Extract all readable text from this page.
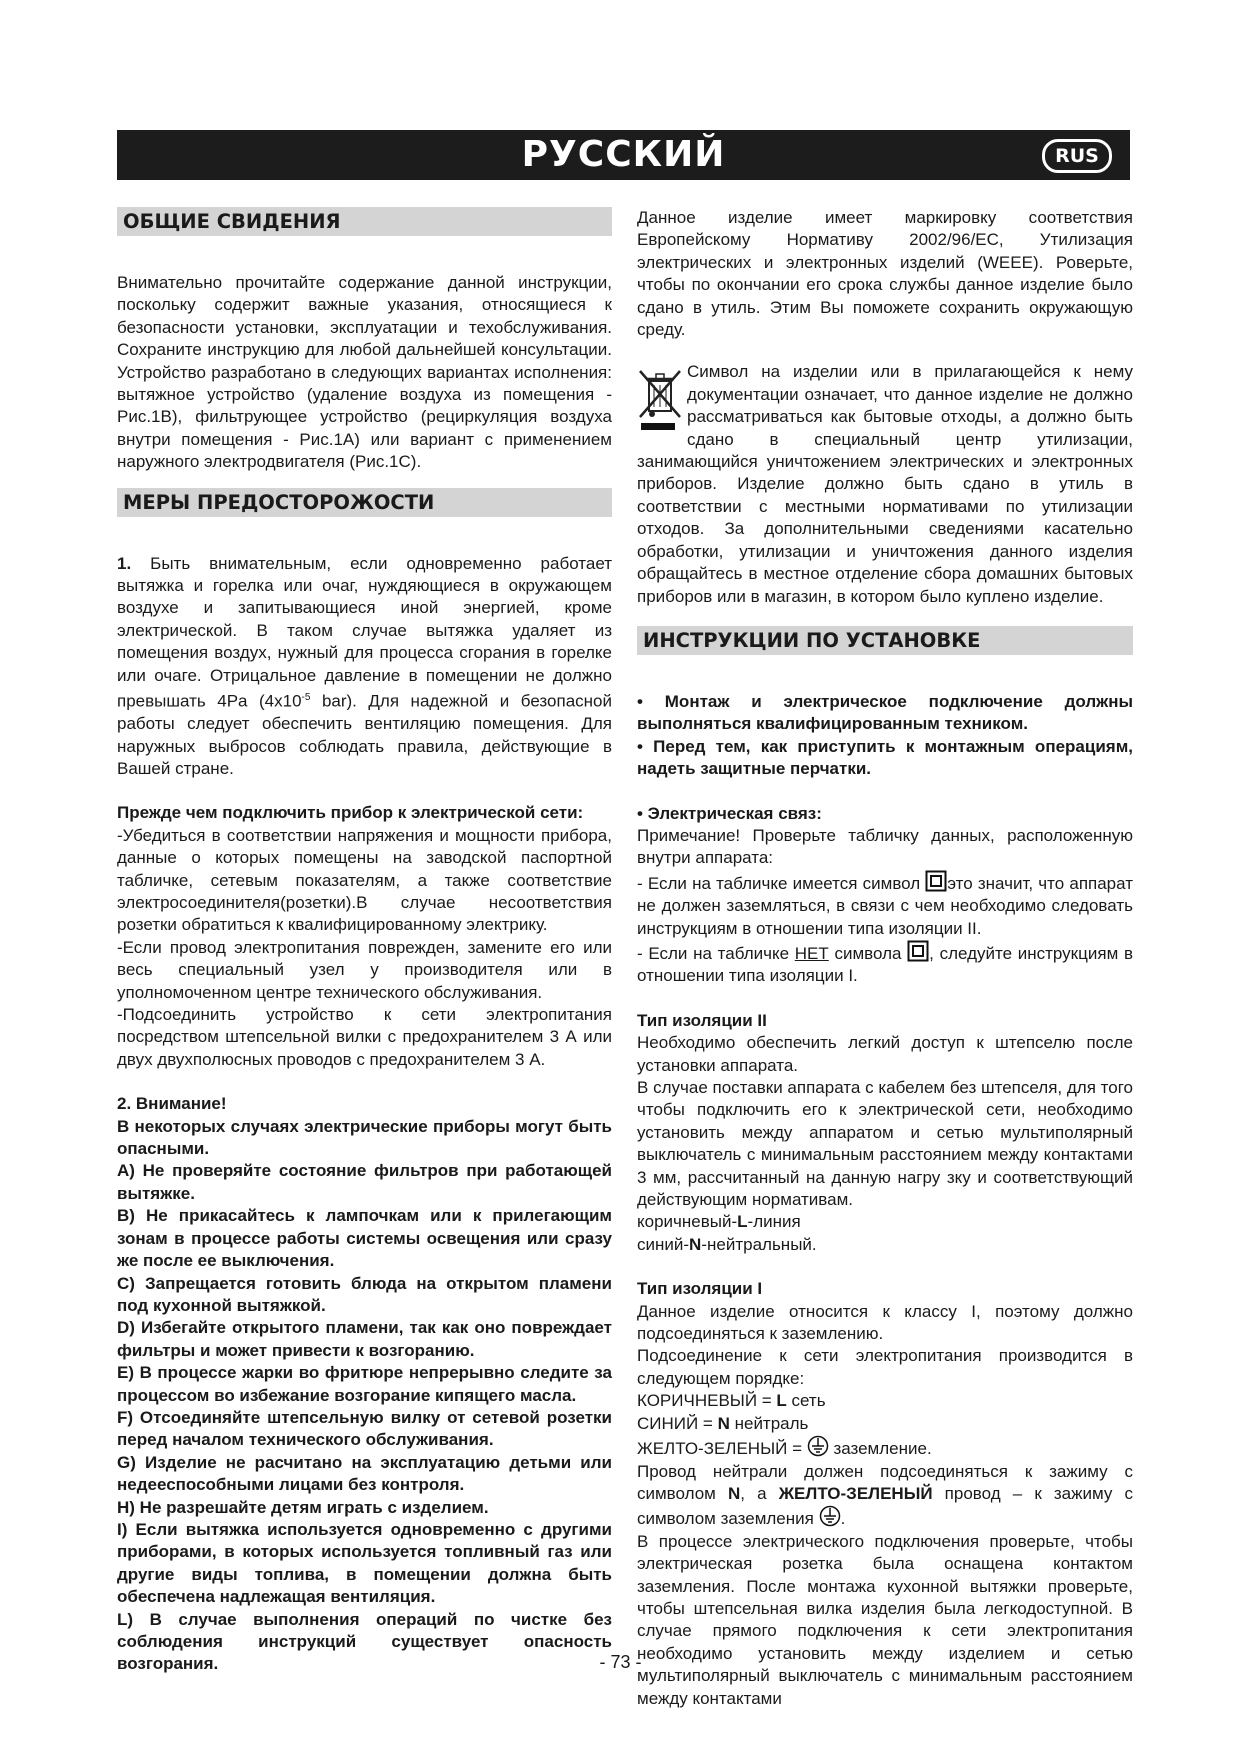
РУССКИЙ	RUS
ОБЩИЕ СВИДЕНИЯ

Внимательно прочитайте содержание данной инструкции, поскольку содержит важные указания, относящиеся к безопасности установки, эксплуатации и техобслуживания. Сохраните инструкцию для любой дальнейшей консультации. Устройство разработано в следующих вариантах исполнения: вытяжное устройство (удаление воздуха из помещения - Рис.1B), фильтрующее устройство (рециркуляция воздуха внутри помещения - Рис.1A) или вариант с применением наружного электродвигателя (Рис.1C).

МЕРЫ ПРЕДОСТОРОЖОСТИ

1. Быть внимательным, если одновременно работает вытяжка и горелка или очаг, нуждяющиеся в окружающем воздухе и запитывающиеся иной энергией, кроме электрической. В таком случае вытяжка удаляет из помещения воздух, нужный для процесса сгорания в горелке или очаге. Отрицальное давление в помещении не должно превышать 4Pa ($4x10^{-5}$ bar). Для надежной и безопасной работы следует обеспечить вентиляцию помещения. Для наружных выбросов соблюдать правила, действующие в Вашей стране.

Прежде чем подключить прибор к электрической сети:

-Убедиться в соответствии напряжения и мощности прибора, данные о которых помещены на заводской паспортной табличке, сетевым показателям, а также соответствие электросоединителя(розетки).В случае несоответствия розетки обратиться к квалифицированному электрику.

-Если провод электропитания поврежден, замените его или весь специальный узел у производителя или в уполномоченном центре технического обслуживания.

-Подсоединить устройство к сети электропитания посредством штепсельной вилки с предохранителем 3 А или двух двухполюсных проводов с предохранителем 3 А.

2. Внимание!

В некоторых случаях электрические приборы могут быть опасными.

A) Не проверяйте состояние фильтров при работающей вытяжке.

B) Не прикасайтесь к лампочкам или к прилегающим зонам в процессе работы системы освещения или сразу же после ее выключения.

C) Запрещается готовить блюда на открытом пламени под кухонной вытяжкой.

D) Избегайте открытого пламени, так как оно повреждает фильтры и может привести к возгоранию.

E) В процессе жарки во фритюре непрерывно следите за процессом во избежание возгорание кипящего масла.

F) Отсоединяйте штепсельную вилку от сетевой розетки перед началом технического обслуживания.

G) Изделие не расчитано на эксплуатацию детьми или недееспособными лицами без контроля.

H) Не разрешайте детям играть с изделием.

I) Если вытяжка используется одновременно с другими приборами, в которых используется топливный газ или другие виды топлива, в помещении должна быть обеспечена надлежащая вентиляция.

L) В случае выполнения операций по чистке без соблюдения инструкций существует опасность возгорания.

Данное изделие имеет маркировку соответствия Европейскому Нормативу 2002/96/EC, Утилизация электрических и электронных изделий (WEEE). Роверьте, чтобы по окончании его срока службы данное изделие было сдано в утиль. Этим Вы поможете сохранить окружающую среду.

Символ на изделии или в прилагающейся к нему документации означает, что данное изделие не должно рассматриваться как бытовые отходы, а должно быть сдано в специальный центр утилизации, занимающийся уничтожением электрических и электронных приборов. Изделие должно быть сдано в утиль в соответствии с местными нормативами по утилизации отходов. За дополнительными сведениями касательно обработки, утилизации и уничтожения данного изделия обращайтесь в местное отделение сбора домашних бытовых приборов или в магазин, в котором было куплено изделие.

ИНСТРУКЦИИ ПО УСТАНОВКЕ

• Монтаж и электрическое подключение должны выполняться квалифицированным техником.

• Перед тем, как приступить к монтажным операциям, надеть защитные перчатки.

• Электрическая связ:

Примечание! Проверьте табличку данных, расположенную внутри аппарата:

- Если на табличке имеется символ это значит, что аппарат не должен заземляться, в связи с чем необходимо следовать инструкциям в отношении типа изоляции II.

- Если на табличке НЕТ символа , следуйте инструкциям в отношении типа изоляции I.

Тип изоляции II

Необходимо обеспечить легкий доступ к штепселю после установки аппарата.

В случае поставки аппарата с кабелем без штепселя, для того чтобы подключить его к электрической сети, необходимо установить между аппаратом и сетью мультиполярный выключатель с минимальным расстоянием между контактами 3 мм, рассчитанный на данную нагру зку и соответствующий действующим нормативам.

коричневый-L-линия

синий-N-нейтральный.

Тип изоляции I

Данное изделие относится к классу I, поэтому должно подсоединяться к заземлению.

Подсоединение к сети электропитания производится в следующем порядке:

КОРИЧНЕВЫЙ = L сеть

СИНИЙ = N нейтраль

ЖЕЛТО-ЗЕЛЕНЫЙ =  заземление.

Провод нейтрали должен подсоединяться к зажиму с символом N, а ЖЕЛТО-ЗЕЛЕНЫЙ провод – к зажиму с символом заземления .

В процессе электрического подключения проверьте, чтобы электрическая розетка была оснащена контактом заземления. После монтажа кухонной вытяжки проверьте, чтобы штепсельная вилка изделия была легкодоступной. В случае прямого подключения к сети электропитания необходимо установить между изделием и сетью мультиполярный выключатель с минимальным расстоянием между контактами

- 73 -
